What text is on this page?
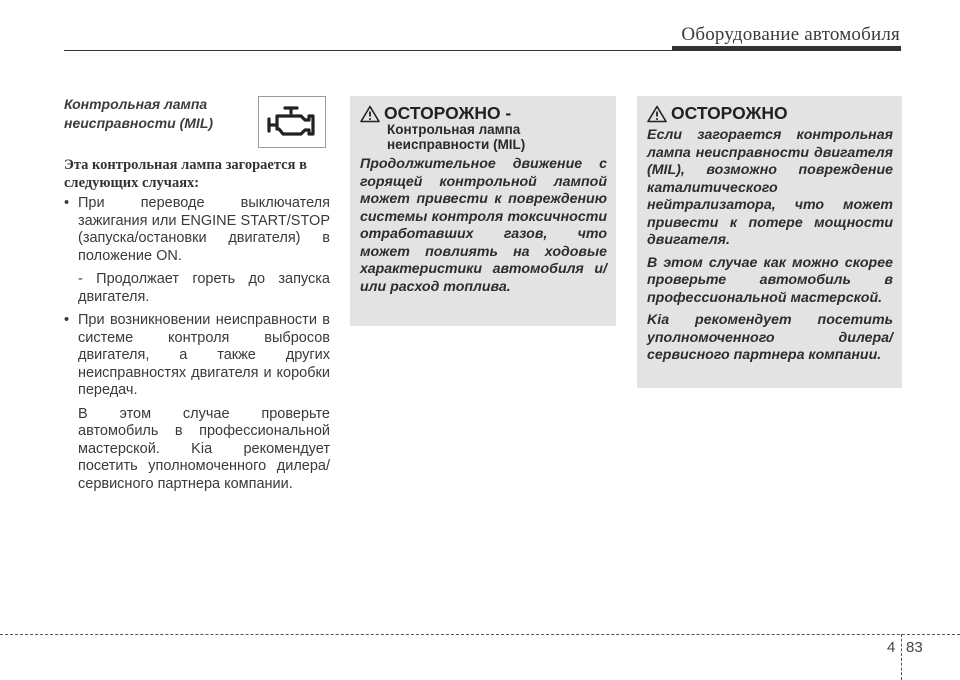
Оборудование автомобиля
Контрольная лампа неисправности (MIL)
Эта контрольная лампа загорается в следующих случаях:
• При переводе выключателя зажигания или ENGINE START/STOP (запуска/остановки двигателя) в положение ON.
- Продолжает гореть до запуска двигателя.
• При возникновении неисправности в системе контроля выбросов двигателя, а также других неисправностях двигателя и коробки передач.
В этом случае проверьте автомобиль в профессиональной мастерской. Kia рекомендует посетить уполномоченного дилера/сервисного партнера компании.
ОСТОРОЖНО -
Контрольная лампа неисправности (MIL)
Продолжительное движение с горящей контрольной лампой может привести к повреждению системы контроля токсичности отработавших газов, что может повлиять на ходовые характеристики автомобиля и/или расход топлива.
ОСТОРОЖНО
Если загорается контрольная лампа неисправности двигателя (MIL), возможно повреждение каталитического нейтрализатора, что может привести к потере мощности двигателя.
В этом случае как можно скорее проверьте автомобиль в профессиональной мастерской.
Kia рекомендует посетить уполномоченного дилера/сервисного партнера компании.
4 83
